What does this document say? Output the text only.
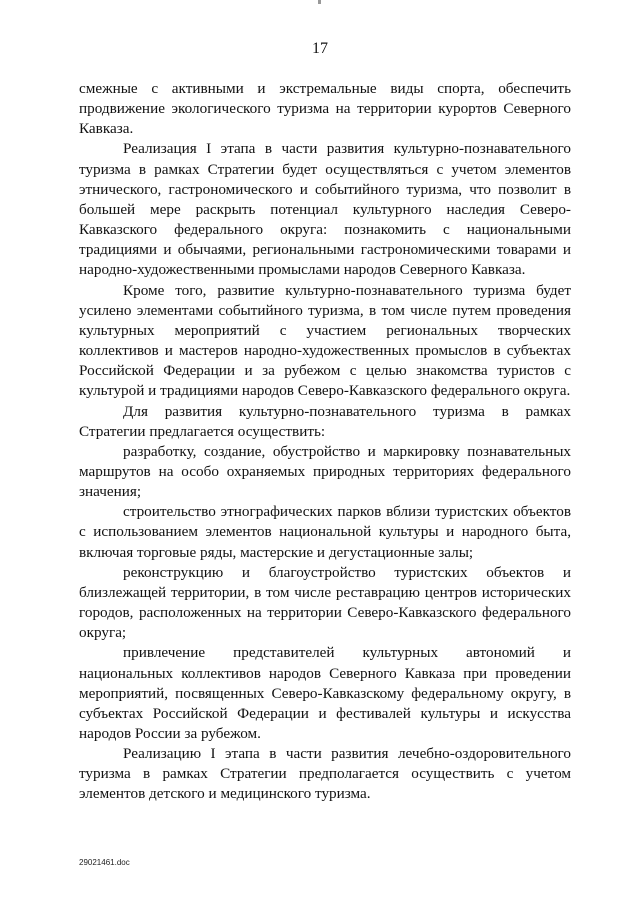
17

смежные с активными и экстремальные виды спорта, обеспечить продвижение экологического туризма на территории курортов Северного Кавказа.

Реализация I этапа в части развития культурно-познавательного туризма в рамках Стратегии будет осуществляться с учетом элементов этнического, гастрономического и событийного туризма, что позволит в большей мере раскрыть потенциал культурного наследия Северо-Кавказского федерального округа: познакомить с национальными традициями и обычаями, региональными гастрономическими товарами и народно-художественными промыслами народов Северного Кавказа.

Кроме того, развитие культурно-познавательного туризма будет усилено элементами событийного туризма, в том числе путем проведения культурных мероприятий с участием региональных творческих коллективов и мастеров народно-художественных промыслов в субъектах Российской Федерации и за рубежом с целью знакомства туристов с культурой и традициями народов Северо-Кавказского федерального округа.

Для развития культурно-познавательного туризма в рамках Стратегии предлагается осуществить:

разработку, создание, обустройство и маркировку познавательных маршрутов на особо охраняемых природных территориях федерального значения;

строительство этнографических парков вблизи туристских объектов с использованием элементов национальной культуры и народного быта, включая торговые ряды, мастерские и дегустационные залы;

реконструкцию и благоустройство туристских объектов и близлежащей территории, в том числе реставрацию центров исторических городов, расположенных на территории Северо-Кавказского федерального округа;

привлечение представителей культурных автономий и национальных коллективов народов Северного Кавказа при проведении мероприятий, посвященных Северо-Кавказскому федеральному округу, в субъектах Российской Федерации и фестивалей культуры и искусства народов России за рубежом.

Реализацию I этапа в части развития лечебно-оздоровительного туризма в рамках Стратегии предполагается осуществить с учетом элементов детского и медицинского туризма.

29021461.doc
